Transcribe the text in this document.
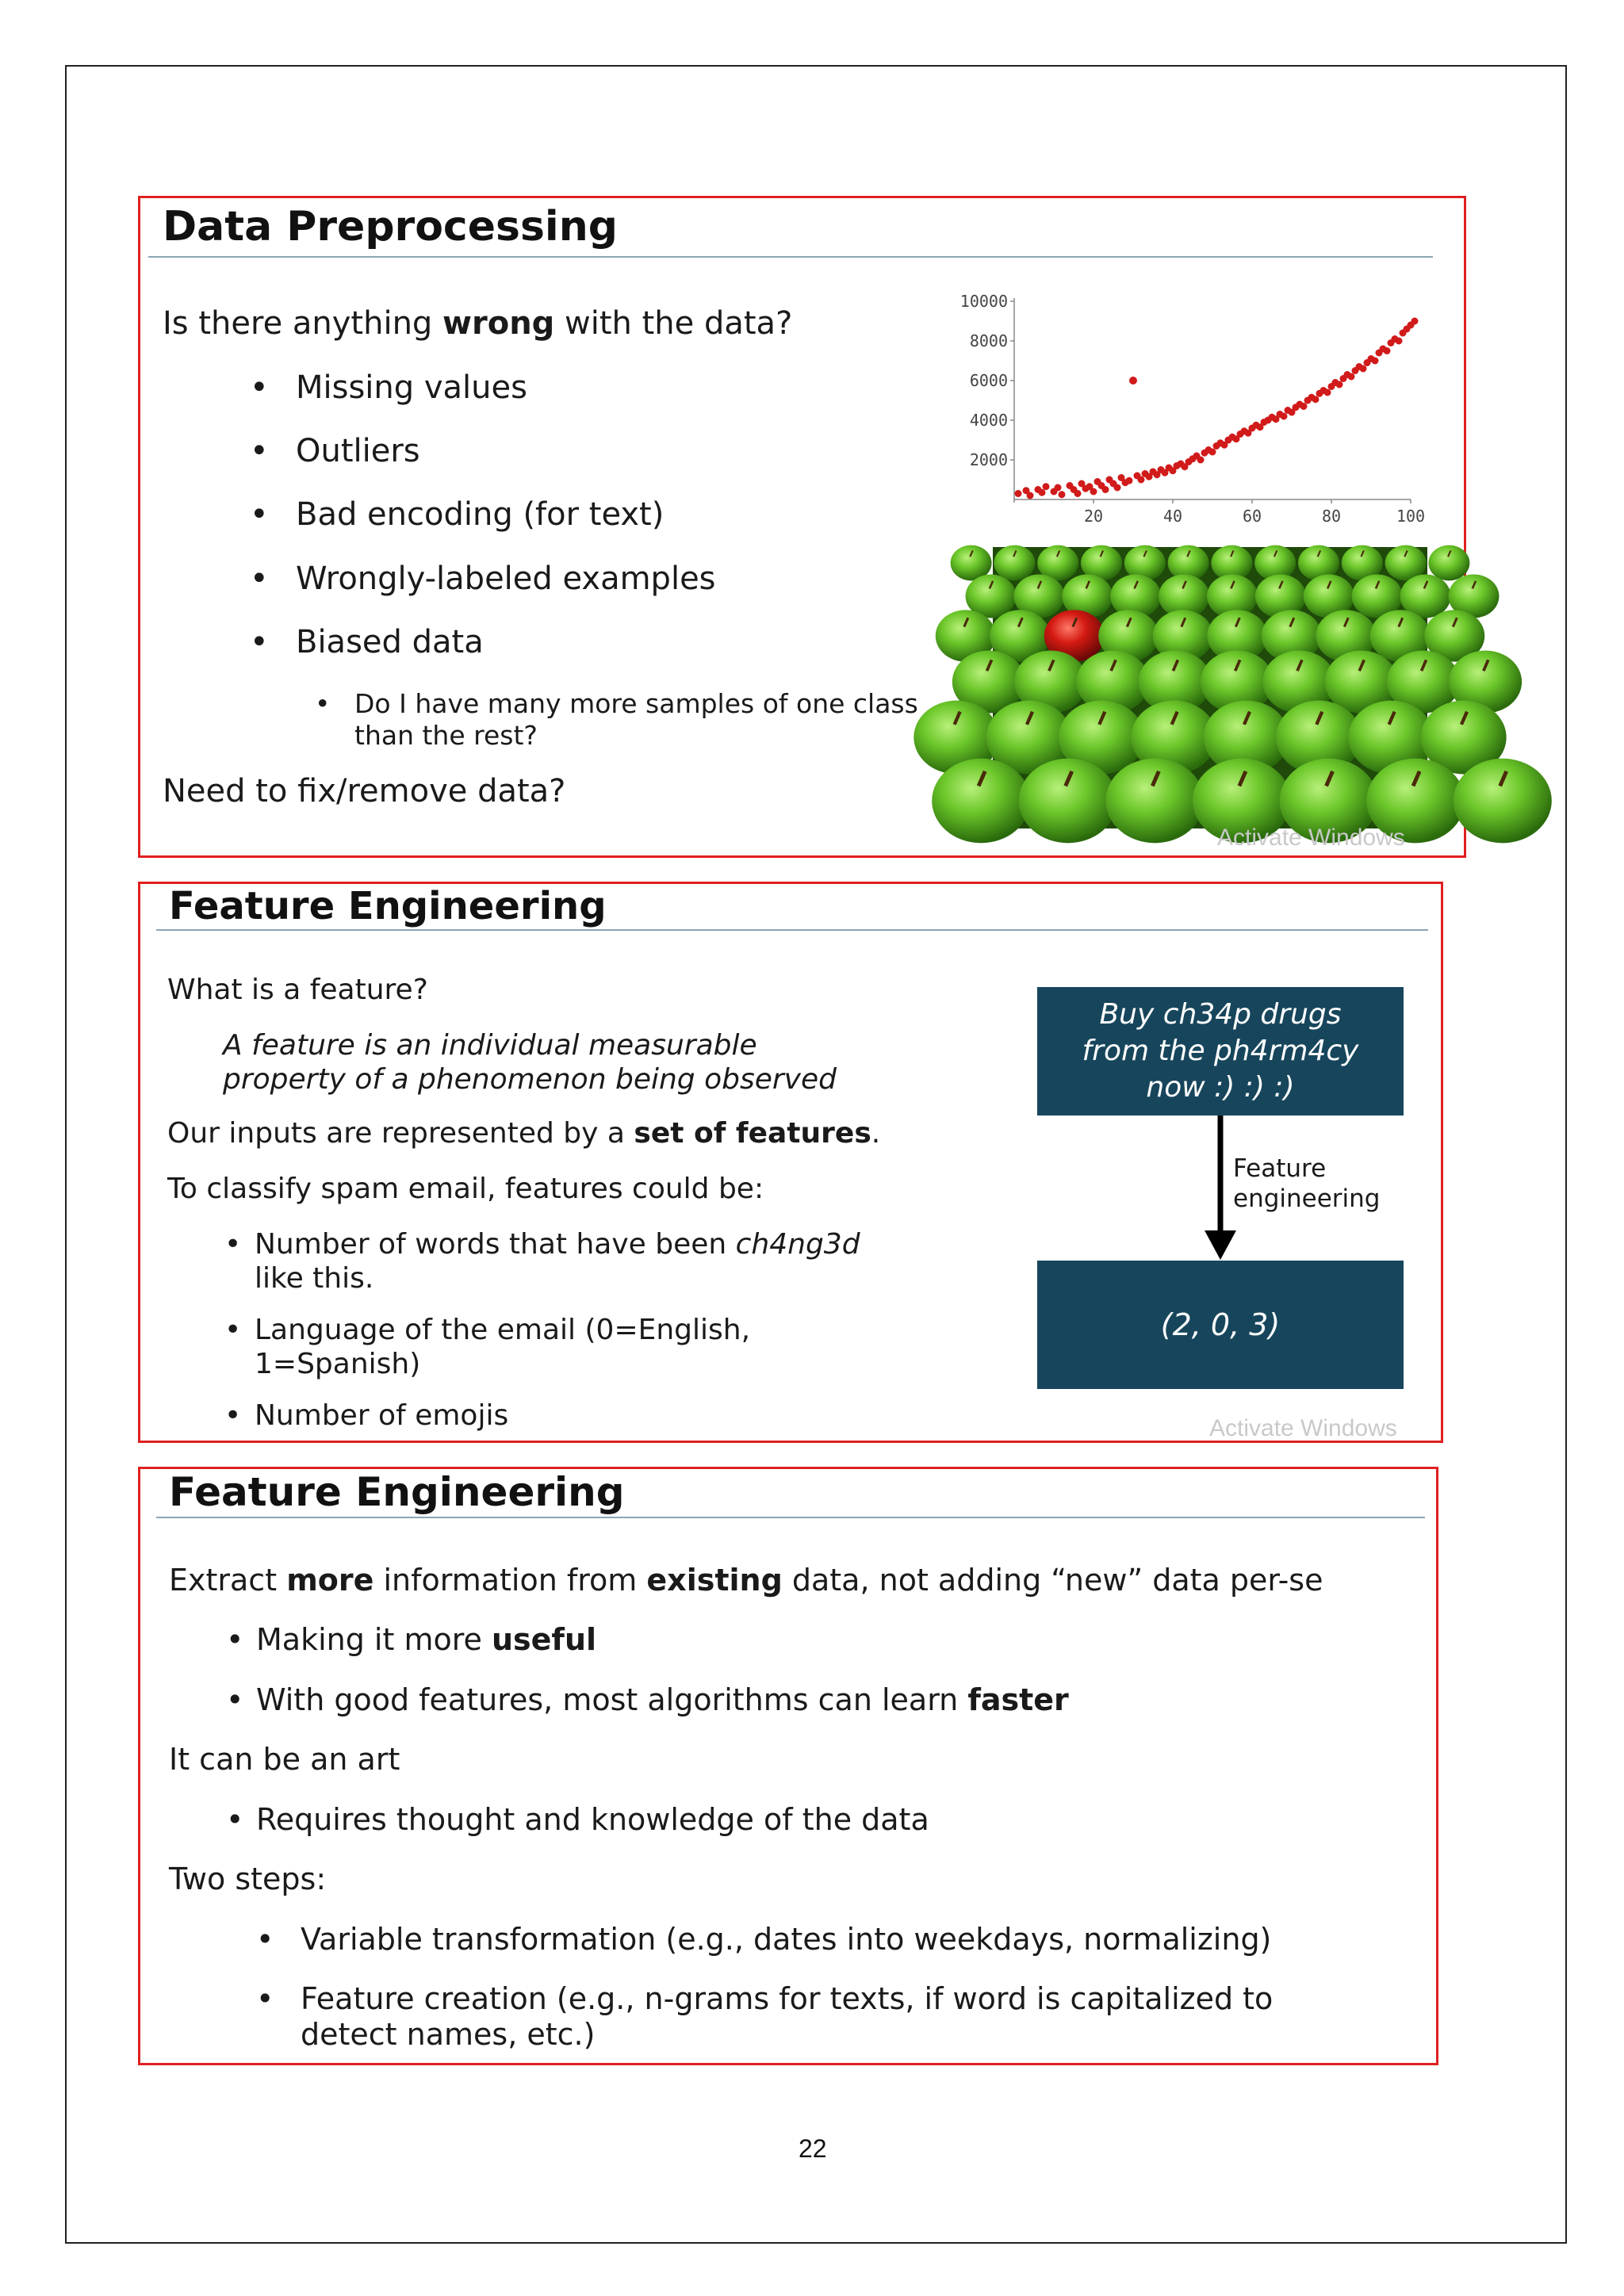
Data Preprocessing
Is there anything wrong with the data?
• Missing values
• Outliers
• Bad encoding (for text)
• Wrongly-labeled examples
• Biased data
• Do I have many more samples of one class
than the rest?
Need to fix/remove data?
2000
4000
6000
8000
10000
20	40	60	80	100
Activate Windows
Feature Engineering
What is a feature?
A feature is an individual measurable
property of a phenomenon being observed
Our inputs are represented by a set of features.
To classify spam email, features could be:
• Number of words that have been ch4ng3d
like this.
• Language of the email (0=English,
1=Spanish)
• Number of emojis
Buy ch34p drugs
from the ph4rm4cy
now :) :) :)
Feature
engineering
(2, 0, 3)
Activate Windows
Feature Engineering
Extract more information from existing data, not adding “new” data per-se
• Making it more useful
• With good features, most algorithms can learn faster
It can be an art
• Requires thought and knowledge of the data
Two steps:
• Variable transformation (e.g., dates into weekdays, normalizing)
• Feature creation (e.g., n-grams for texts, if word is capitalized to
detect names, etc.)
22
